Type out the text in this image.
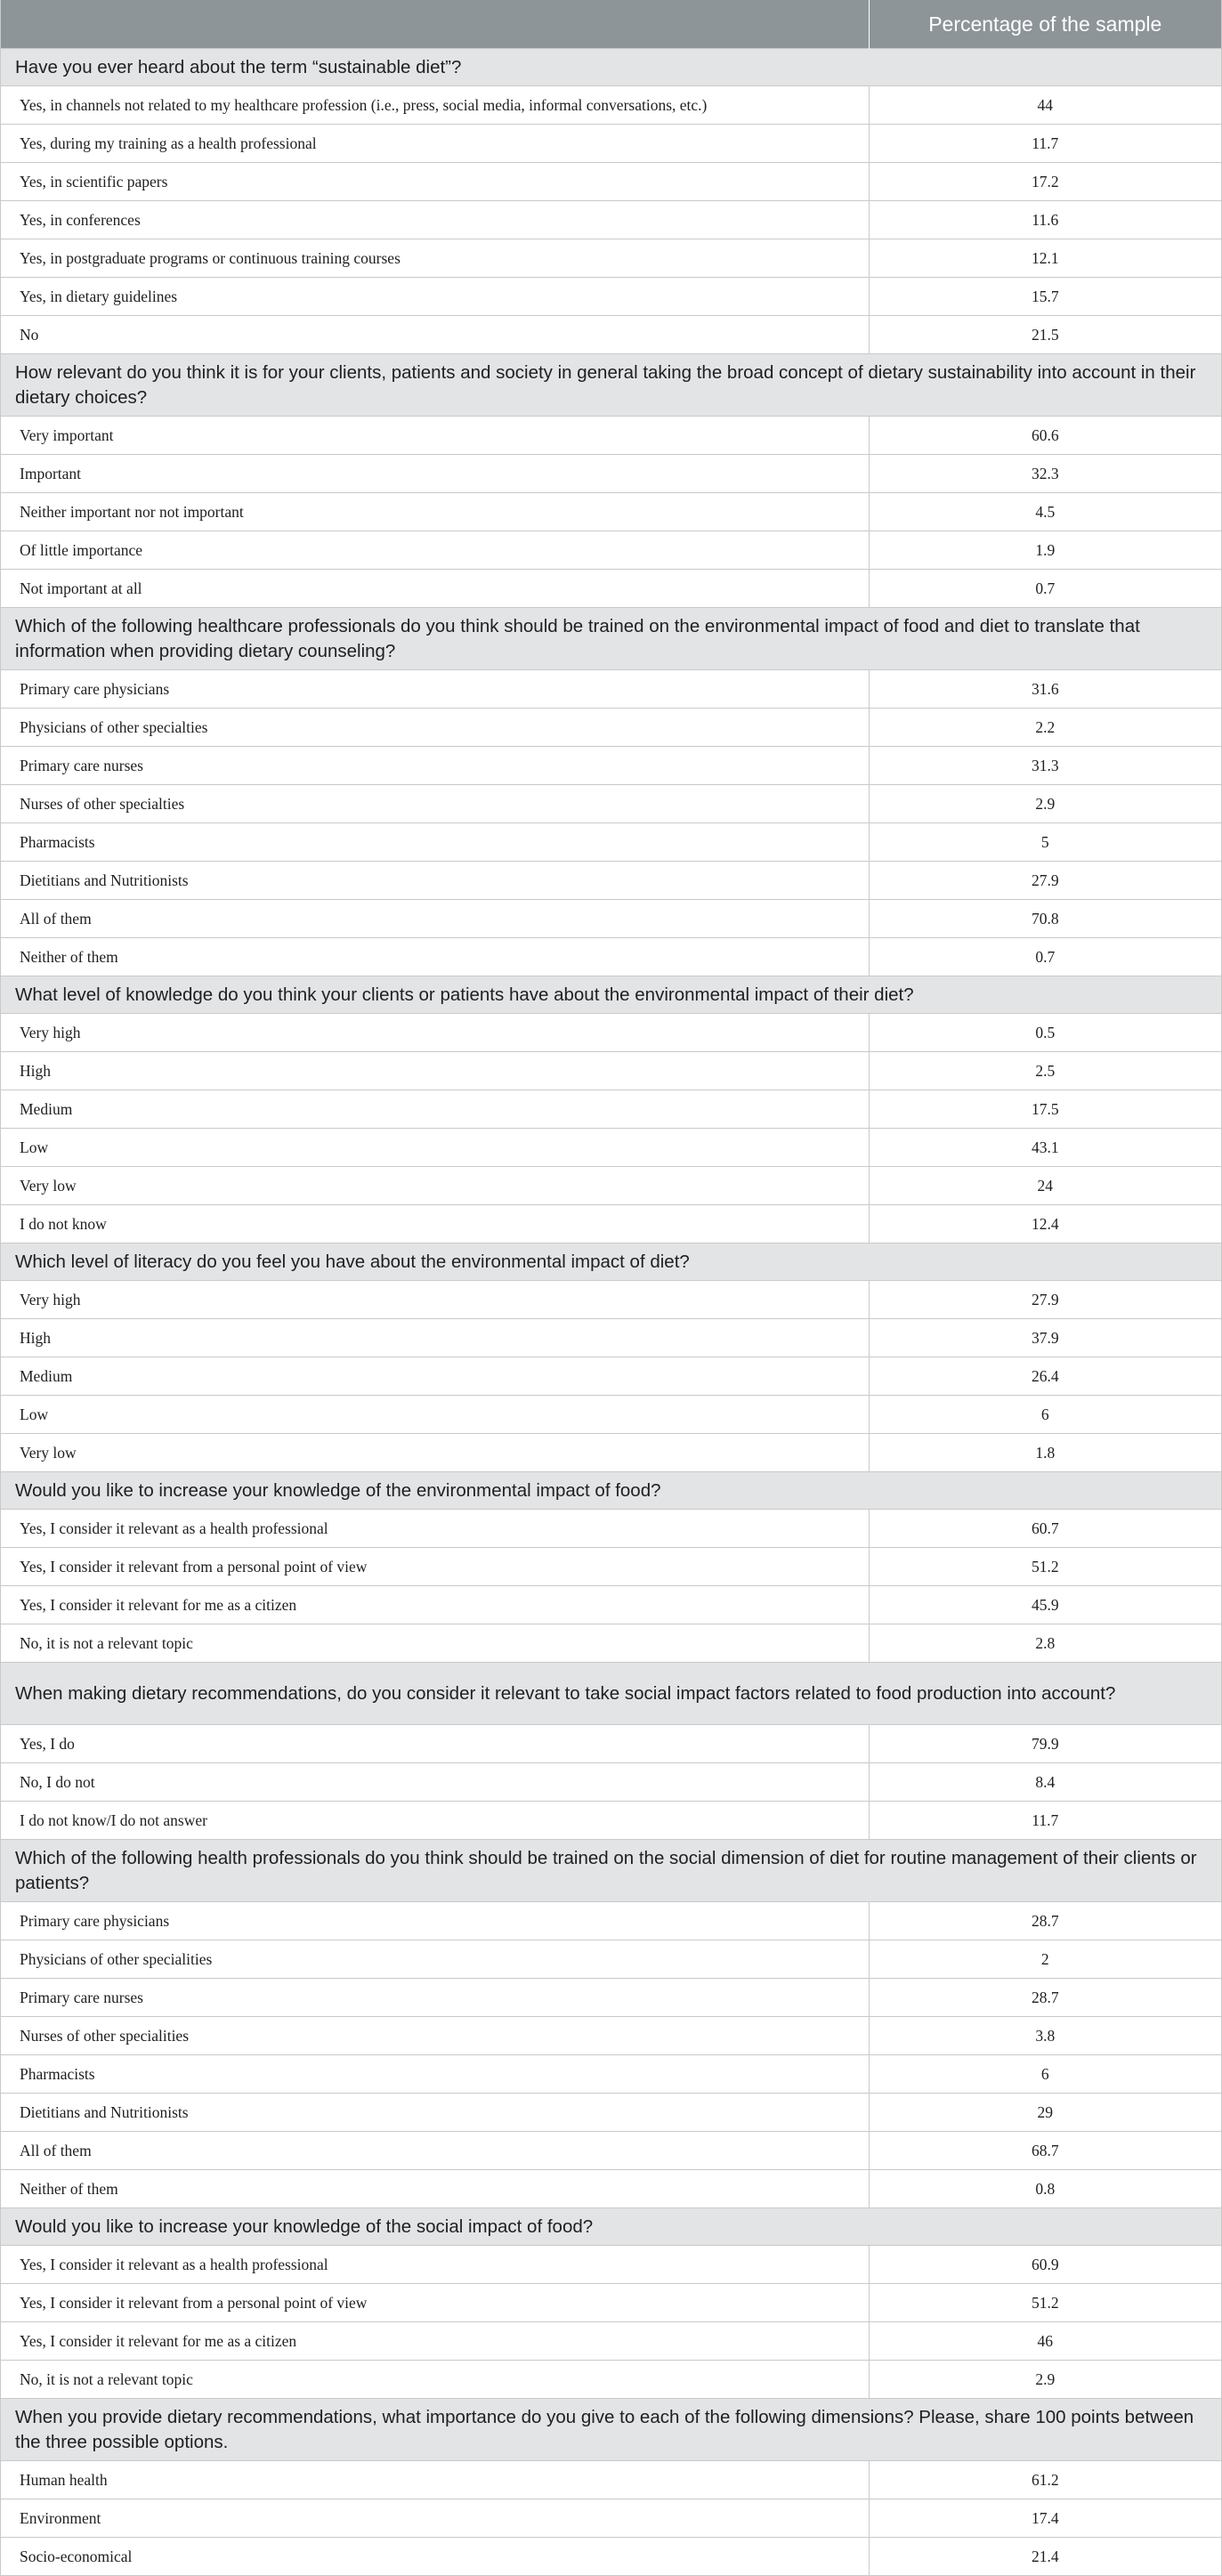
	Percentage of the sample
Have you ever heard about the term “sustainable diet”?	
Yes, in channels not related to my healthcare profession (i.e., press, social media, informal conversations, etc.)	44
Yes, during my training as a health professional	11.7
Yes, in scientific papers	17.2
Yes, in conferences	11.6
Yes, in postgraduate programs or continuous training courses	12.1
Yes, in dietary guidelines	15.7
No	21.5
How relevant do you think it is for your clients, patients and society in general taking the broad concept of dietary sustainability into account in their dietary choices?	
Very important	60.6
Important	32.3
Neither important nor not important	4.5
Of little importance	1.9
Not important at all	0.7
Which of the following healthcare professionals do you think should be trained on the environmental impact of food and diet to translate that information when providing dietary counseling?	
Primary care physicians	31.6
Physicians of other specialties	2.2
Primary care nurses	31.3
Nurses of other specialties	2.9
Pharmacists	5
Dietitians and Nutritionists	27.9
All of them	70.8
Neither of them	0.7
What level of knowledge do you think your clients or patients have about the environmental impact of their diet?	
Very high	0.5
High	2.5
Medium	17.5
Low	43.1
Very low	24
I do not know	12.4
Which level of literacy do you feel you have about the environmental impact of diet?	
Very high	27.9
High	37.9
Medium	26.4
Low	6
Very low	1.8
Would you like to increase your knowledge of the environmental impact of food?	
Yes, I consider it relevant as a health professional	60.7
Yes, I consider it relevant from a personal point of view	51.2
Yes, I consider it relevant for me as a citizen	45.9
No, it is not a relevant topic	2.8
When making dietary recommendations, do you consider it relevant to take social impact factors related to food production into account?	
Yes, I do	79.9
No, I do not	8.4
I do not know/I do not answer	11.7
Which of the following health professionals do you think should be trained on the social dimension of diet for routine management of their clients or patients?	
Primary care physicians	28.7
Physicians of other specialities	2
Primary care nurses	28.7
Nurses of other specialities	3.8
Pharmacists	6
Dietitians and Nutritionists	29
All of them	68.7
Neither of them	0.8
Would you like to increase your knowledge of the social impact of food?	
Yes, I consider it relevant as a health professional	60.9
Yes, I consider it relevant from a personal point of view	51.2
Yes, I consider it relevant for me as a citizen	46
No, it is not a relevant topic	2.9
When you provide dietary recommendations, what importance do you give to each of the following dimensions? Please, share 100 points between the three possible options.	
Human health	61.2
Environment	17.4
Socio-economical	21.4
